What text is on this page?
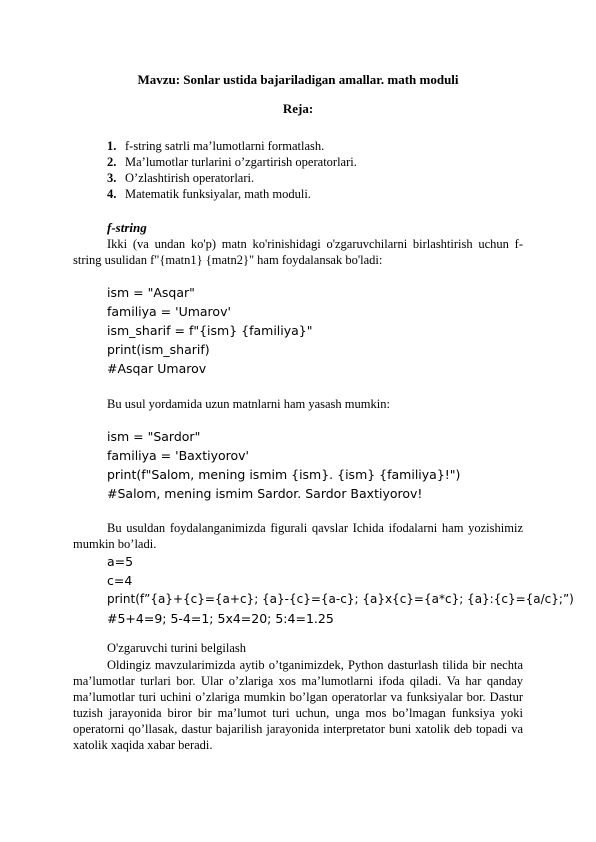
Mavzu: Sonlar ustida bajariladigan amallar. math moduli
Reja:
1. f-string satrli ma’lumotlarni formatlash.
2. Ma’lumotlar turlarini o’zgartirish operatorlari.
3. O’zlashtirish operatorlari.
4. Matematik funksiyalar, math moduli.
f-string

Ikki (va undan ko'p) matn ko'rinishidagi o'zgaruvchilarni birlashtirish uchun f-string usulidan f"{matn1} {matn2}" ham foydalansak bo'ladi:

ism = "Asqar"
familiya = 'Umarov'
ism_sharif = f"{ism} {familiya}"
print(ism_sharif)
#Asqar Umarov
Bu usul yordamida uzun matnlarni ham yasash mumkin:
ism = "Sardor"
familiya = 'Baxtiyorov'
print(f"Salom, mening ismim {ism}. {ism} {familiya}!")
#Salom, mening ismim Sardor. Sardor Baxtiyorov!

Bu usuldan foydalanganimizda figurali qavslar Ichida ifodalarni ham yozishimiz mumkin bo’ladi.

a=5
c=4
print(f”{a}+{c}={a+c}; {a}-{c}={a-c}; {a}x{c}={a*c}; {a}:{c}={a/c};”)
#5+4=9; 5-4=1; 5x4=20; 5:4=1.25
O'zgaruvchi turini belgilash

Oldingiz mavzularimizda aytib o’tganimizdek, Python dasturlash tilida bir nechta ma’lumotlar turlari bor. Ular o’zlariga xos ma’lumotlarni ifoda qiladi. Va har qanday ma’lumotlar turi uchini o’zlariga mumkin bo’lgan operatorlar va funksiyalar bor. Dastur tuzish jarayonida biror bir ma’lumot turi uchun, unga mos bo’lmagan funksiya yoki operatorni qo’llasak, dastur bajarilish jarayonida interpretator buni xatolik deb topadi va xatolik xaqida xabar beradi.
